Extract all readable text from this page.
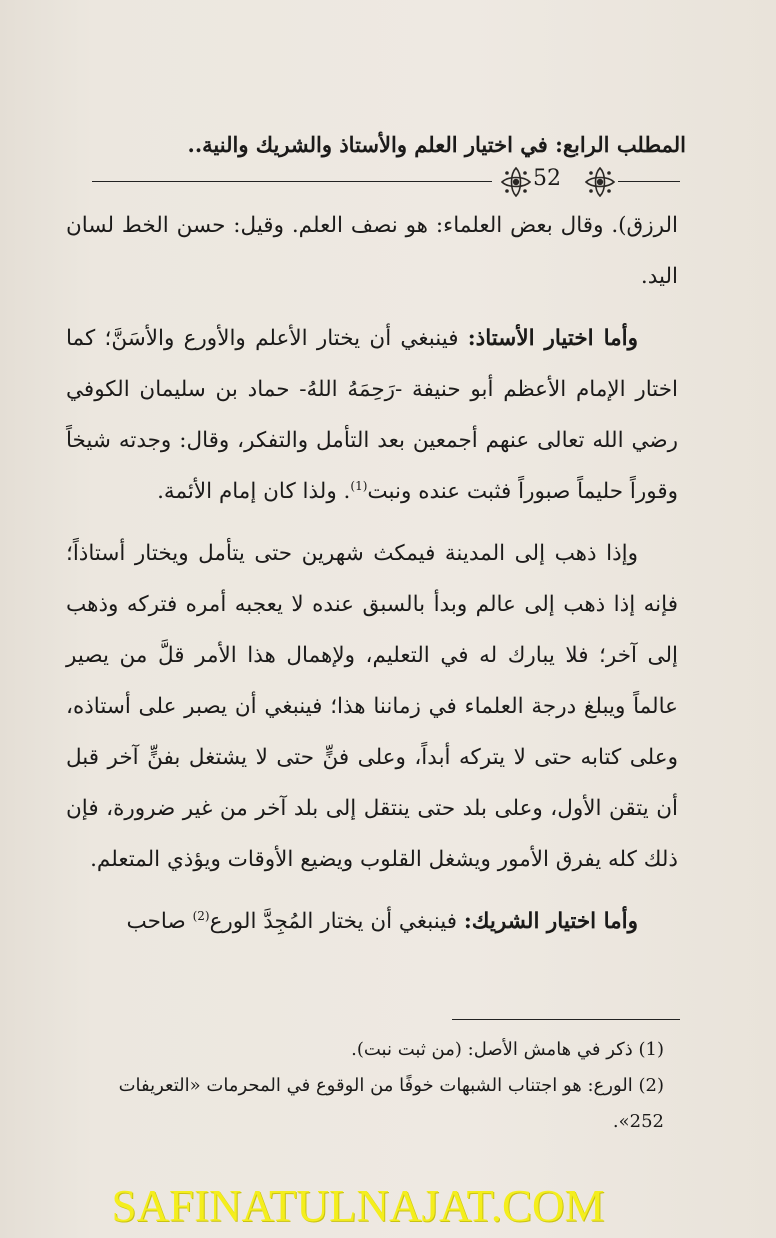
المطلب الرابع: في اختيار العلم والأستاذ والشريك والنية..
52

الرزق). وقال بعض العلماء: هو نصف العلم. وقيل: حسن الخط لسان اليد.

وأما اختيار الأستاذ: فينبغي أن يختار الأعلم والأورع والأسَنَّ؛ كما اختار الإمام الأعظم أبو حنيفة -رَحِمَهُ اللهُ- حماد بن سليمان الكوفي رضي الله تعالى عنهم أجمعين بعد التأمل والتفكر، وقال: وجدته شيخاً وقوراً حليماً صبوراً فثبت عنده ونبت$^{(1)}$. ولذا كان إمام الأئمة.

وإذا ذهب إلى المدينة فيمكث شهرين حتى يتأمل ويختار أستاذاً؛ فإنه إذا ذهب إلى عالم وبدأ بالسبق عنده لا يعجبه أمره فتركه وذهب إلى آخر؛ فلا يبارك له في التعليم، ولإهمال هذا الأمر قلَّ من يصير عالماً ويبلغ درجة العلماء في زماننا هذا؛ فينبغي أن يصبر على أستاذه، وعلى كتابه حتى لا يتركه أبداً، وعلى فنٍّ حتى لا يشتغل بفنٍّ آخر قبل أن يتقن الأول، وعلى بلد حتى ينتقل إلى بلد آخر من غير ضرورة، فإن ذلك كله يفرق الأمور ويشغل القلوب ويضيع الأوقات ويؤذي المتعلم.

وأما اختيار الشريك: فينبغي أن يختار المُجِدَّ الورع$^{(2)}$ صاحب

(1) ذكر في هامش الأصل: (من ثبت نبت).

(2) الورع: هو اجتناب الشبهات خوفًا من الوقوع في المحرمات «التعريفات 252».

SAFINATULNAJAT.COM
